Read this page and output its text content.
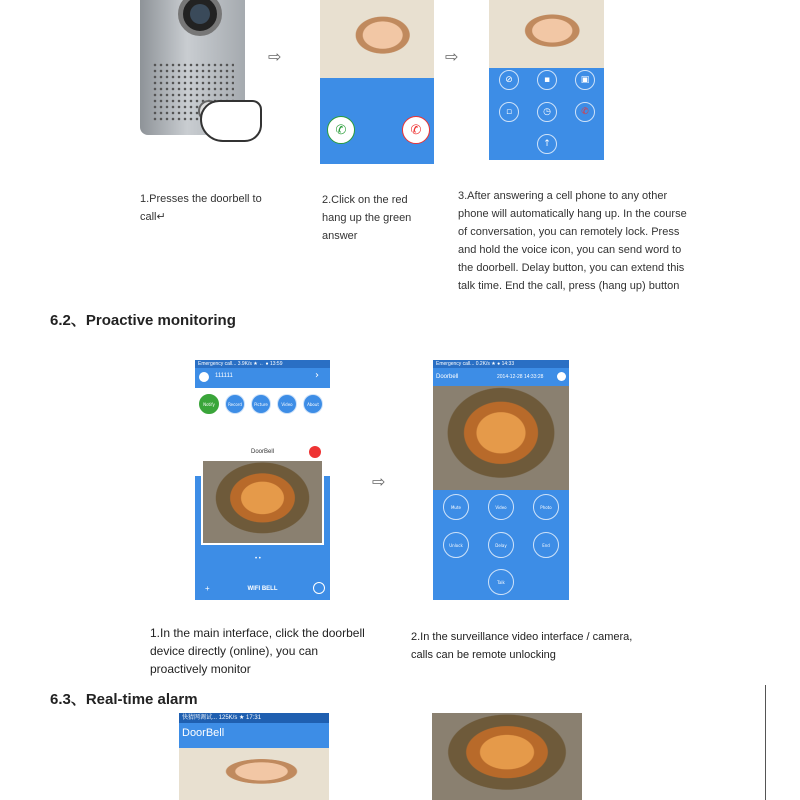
⇨
✆	✆
⇨
⊘	▪	▣
▫	◷	✆
↑
1.Presses the doorbell to call↵
2.Click on the red hang up the green answer
3.After answering a cell phone to any other phone will automatically hang up. In the course of conversation, you can remotely lock. Press and hold the voice icon, you can send word to the doorbell. Delay button, you can extend this talk time. End the call, press (hang up) button
6.2、Proactive monitoring
Emergency call... 3.9K/s ★ ← ● 13:59
111111	›
Notify	Record	Picture	Video	About
DoorBell
• •
+	WIFI BELL
⇨
Emergency call... 0.2K/s ★ ● 14:33
Doorbell	2014-12-28 14:33:28
Mute	Video	Photo
Unlock	Delay	End
Talk
1.In the main interface, click the doorbell device directly (online), you can proactively monitor
2.In the surveillance video interface / camera, calls can be remote unlocking
6.3、Real-time alarm
快猜网调试... 125K/s ★ 17:31
DoorBell
